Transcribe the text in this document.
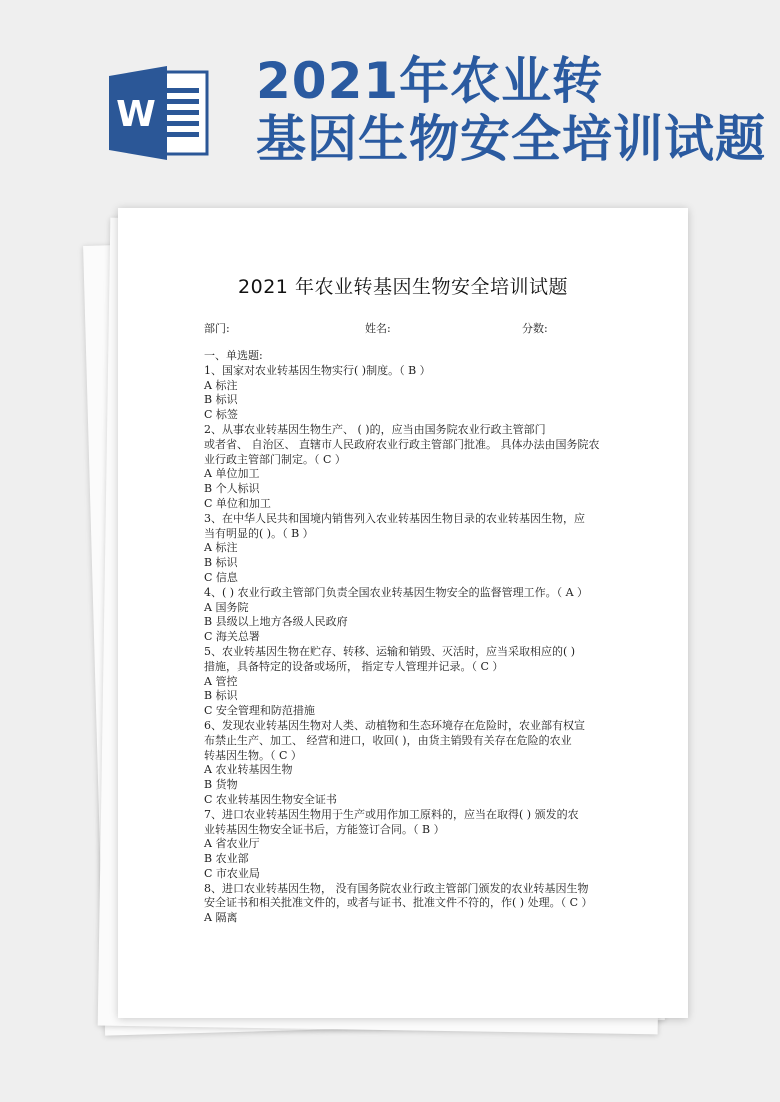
W
2021年农业转
基因生物安全培训试题
2021 年农业转基因生物安全培训试题
部门:	姓名:	分数:

一、单选题:

1、国家对农业转基因生物实行( )制度。（ B ）

A 标注

B 标识

C 标签

2、从事农业转基因生物生产、 ( )的，应当由国务院农业行政主管部门

或者省、 自治区、 直辖市人民政府农业行政主管部门批准。 具体办法由国务院农

业行政主管部门制定。（ C ）

A 单位加工

B 个人标识

C 单位和加工

3、在中华人民共和国境内销售列入农业转基因生物目录的农业转基因生物，应

当有明显的( )。（ B ）

A 标注

B 标识

C 信息

4、( ) 农业行政主管部门负责全国农业转基因生物安全的监督管理工作。（ A ）

A 国务院

B 县级以上地方各级人民政府

C 海关总署

5、农业转基因生物在贮存、转移、运输和销毁、灭活时，应当采取相应的( )

措施，具备特定的设备或场所， 指定专人管理并记录。（ C ）

A 管控

B 标识

C 安全管理和防范措施

6、发现农业转基因生物对人类、动植物和生态环境存在危险时，农业部有权宣

布禁止生产、加工、 经营和进口，收回( )，由货主销毁有关存在危险的农业

转基因生物。（ C ）

A 农业转基因生物

B 货物

C 农业转基因生物安全证书

7、进口农业转基因生物用于生产或用作加工原料的，应当在取得( ) 颁发的农

业转基因生物安全证书后，方能签订合同。（ B ）

A 省农业厅

B 农业部

C 市农业局

8、进口农业转基因生物， 没有国务院农业行政主管部门颁发的农业转基因生物

安全证书和相关批准文件的，或者与证书、批准文件不符的，作( ) 处理。（ C ）

A 隔离
